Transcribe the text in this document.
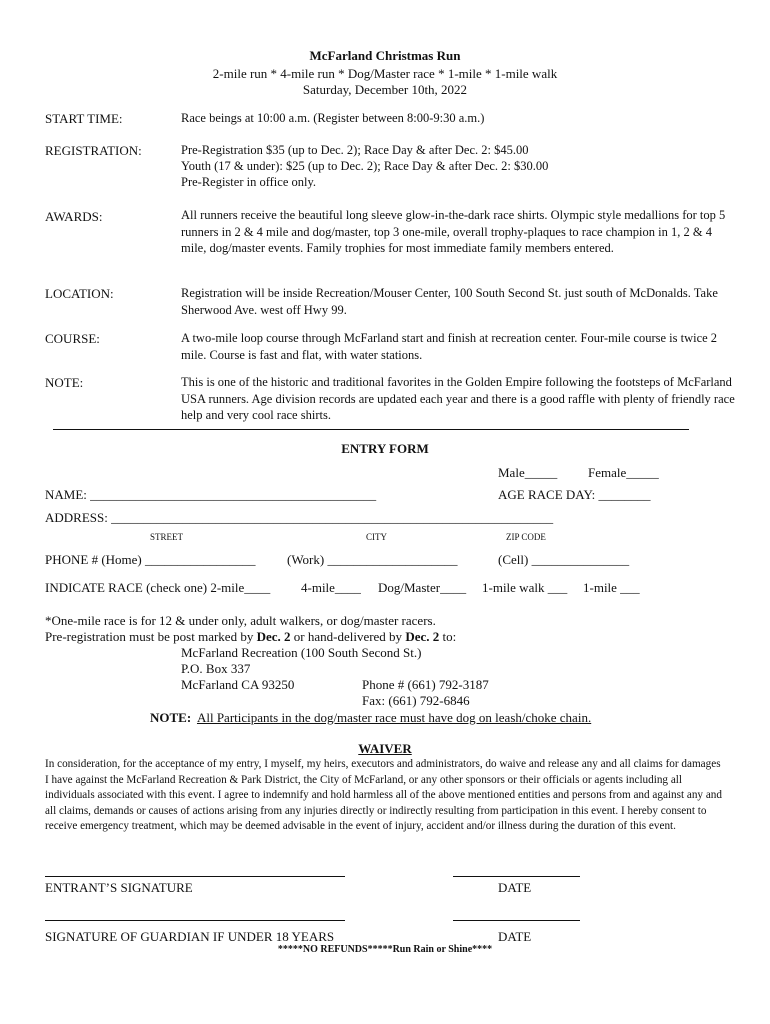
McFarland Christmas Run
2-mile run * 4-mile run * Dog/Master race * 1-mile * 1-mile walk
Saturday, December 10th, 2022
START TIME:	Race beings at 10:00 a.m. (Register between 8:00-9:30 a.m.)
REGISTRATION:	Pre-Registration $35 (up to Dec. 2); Race Day & after Dec. 2: $45.00
Youth (17 & under): $25 (up to Dec. 2); Race Day & after Dec. 2: $30.00
Pre-Register in office only.
AWARDS:	All runners receive the beautiful long sleeve glow-in-the-dark race shirts. Olympic style medallions for top 5 runners in 2 & 4 mile and dog/master, top 3 one-mile, overall trophy-plaques to race champion in 1, 2 & 4 mile, dog/master events. Family trophies for most immediate family members entered.
LOCATION:	Registration will be inside Recreation/Mouser Center, 100 South Second St. just south of McDonalds. Take Sherwood Ave. west off Hwy 99.
COURSE:	A two-mile loop course through McFarland start and finish at recreation center. Four-mile course is twice 2 mile. Course is fast and flat, with water stations.
NOTE:	This is one of the historic and traditional favorites in the Golden Empire following the footsteps of McFarland USA runners. Age division records are updated each year and there is a good raffle with plenty of friendly race help and very cool race shirts.
ENTRY FORM
Male_____ Female_____
NAME: ____________________________________________	AGE RACE DAY: ________
ADDRESS: ____________________________________________________________________
STREET	CITY	ZIP CODE
PHONE # (Home) _________________ (Work) ____________________	(Cell) _______________
INDICATE RACE (check one) 2-mile____ 4-mile____ Dog/Master____ 1-mile walk ___ 1-mile ___
*One-mile race is for 12 & under only, adult walkers, or dog/master racers.
Pre-registration must be post marked by Dec. 2 or hand-delivered by Dec. 2 to:
McFarland Recreation (100 South Second St.)
P.O. Box 337
McFarland CA 93250	Phone # (661) 792-3187
Fax: (661) 792-6846
NOTE: All Participants in the dog/master race must have dog on leash/choke chain.
WAIVER
In consideration, for the acceptance of my entry, I myself, my heirs, executors and administrators, do waive and release any and all claims for damages I have against the McFarland Recreation & Park District, the City of McFarland, or any other sponsors or their officials or agents including all individuals associated with this event. I agree to indemnify and hold harmless all of the above mentioned entities and persons from and against any and all claims, demands or causes of actions arising from any injuries directly or indirectly resulting from participation in this event. I hereby consent to receive emergency treatment, which may be deemed advisable in the event of injury, accident and/or illness during the duration of this event.
ENTRANT’S SIGNATURE	DATE
SIGNATURE OF GUARDIAN IF UNDER 18 YEARS	DATE
*****NO REFUNDS*****Run Rain or Shine****
